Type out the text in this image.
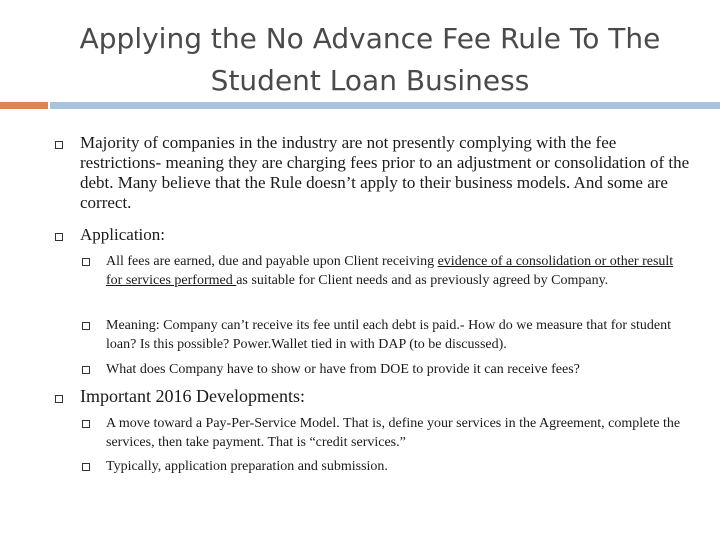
Applying the No Advance Fee Rule To The
Student Loan Business

Majority of companies in the industry are not presently complying with the fee restrictions- meaning they are charging fees prior to an adjustment or consolidation of the debt. Many believe that the Rule doesn’t apply to their business models. And some are correct.

Application:

All fees are earned, due and payable upon Client receiving evidence of a consolidation or other result for services performed as suitable for Client needs and as previously agreed by Company.

Meaning: Company can’t receive its fee until each debt is paid.- How do we measure that for student loan? Is this possible? Power.Wallet tied in with DAP (to be discussed).

What does Company have to show or have from DOE to provide it can receive fees?

Important 2016 Developments:

A move toward a Pay-Per-Service Model. That is, define your services in the Agreement, complete the services, then take payment. That is “credit services.”

Typically, application preparation and submission.
